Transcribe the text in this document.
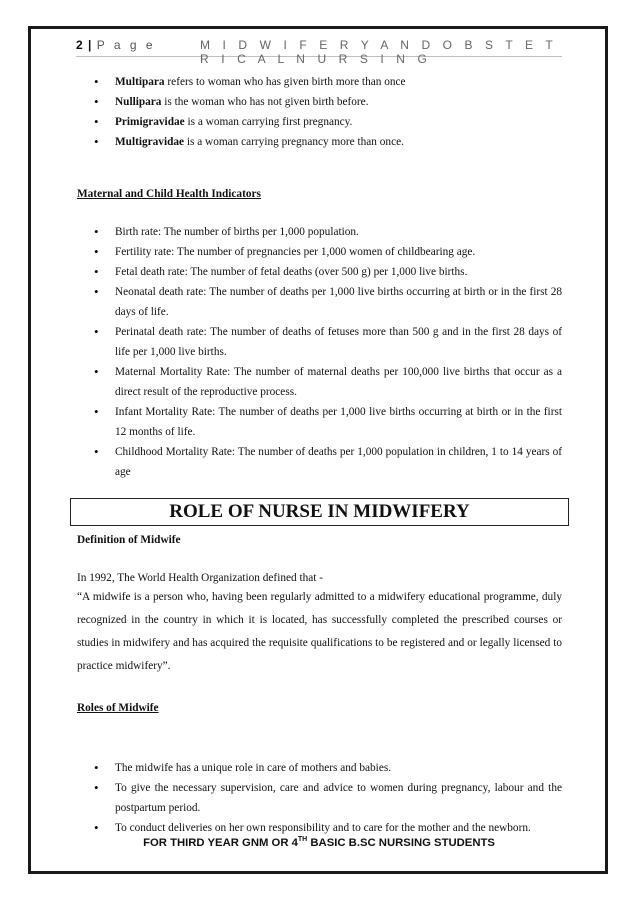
2 | P a g e	M I D W I F E R Y A N D O B S T E T R I C A L N U R S I N G
• Multipara refers to woman who has given birth more than once
• Nullipara is the woman who has not given birth before.
• Primigravidae is a woman carrying first pregnancy.
• Multigravidae is a woman carrying pregnancy more than once.

Maternal and Child Health Indicators

• Birth rate: The number of births per 1,000 population.
• Fertility rate: The number of pregnancies per 1,000 women of childbearing age.
• Fetal death rate: The number of fetal deaths (over 500 g) per 1,000 live births.
• Neonatal death rate: The number of deaths per 1,000 live births occurring at birth or in the first 28 days of life.
• Perinatal death rate: The number of deaths of fetuses more than 500 g and in the first 28 days of life per 1,000 live births.
• Maternal Mortality Rate: The number of maternal deaths per 100,000 live births that occur as a direct result of the reproductive process.
• Infant Mortality Rate: The number of deaths per 1,000 live births occurring at birth or in the first 12 months of life.
• Childhood Mortality Rate: The number of deaths per 1,000 population in children, 1 to 14 years of age
ROLE OF NURSE IN MIDWIFERY

Definition of Midwife

In 1992, The World Health Organization defined that -

“A midwife is a person who, having been regularly admitted to a midwifery educational programme, duly recognized in the country in which it is located, has successfully completed the prescribed courses or studies in midwifery and has acquired the requisite qualifications to be registered and or legally licensed to practice midwifery”.

Roles of Midwife

• The midwife has a unique role in care of mothers and babies.
• To give the necessary supervision, care and advice to women during pregnancy, labour and the postpartum period.
• To conduct deliveries on her own responsibility and to care for the mother and the newborn.
FOR THIRD YEAR GNM OR 4TH BASIC B.SC NURSING STUDENTS
